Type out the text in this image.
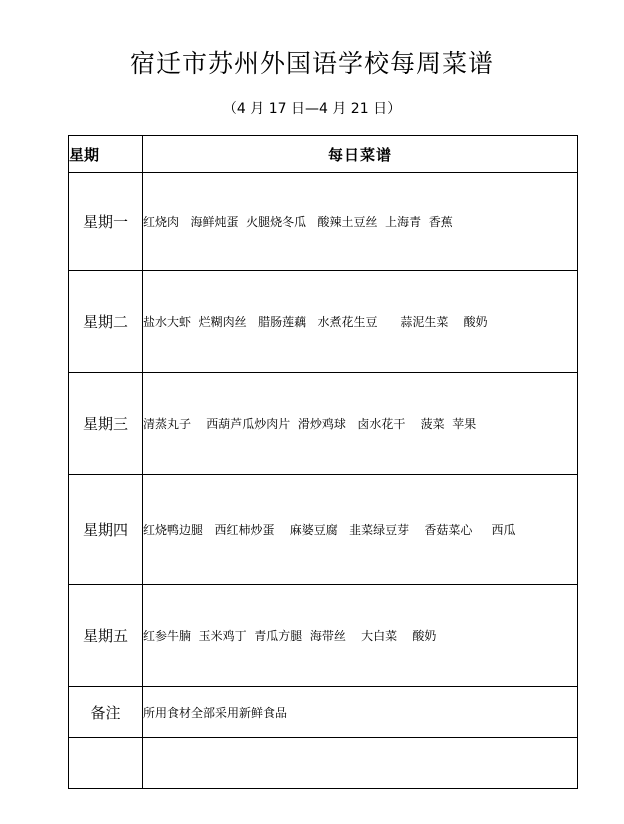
宿迁市苏州外国语学校每周菜谱

（4 月 17 日—4 月 21 日）

星期	每日菜谱
星期一	红烧肉   海鲜炖蛋  火腿烧冬瓜   酸辣土豆丝  上海青  香蕉
星期二	盐水大虾  烂糊肉丝   腊肠莲藕   水煮花生豆      蒜泥生菜    酸奶
星期三	清蒸丸子    西葫芦瓜炒肉片  滑炒鸡球   卤水花干    菠菜  苹果
星期四	红烧鸭边腿   西红柿炒蛋    麻婆豆腐   韭菜绿豆芽    香菇菜心     西瓜
星期五	红参牛腩  玉米鸡丁  青瓜方腿  海带丝    大白菜    酸奶
备注	所用食材全部采用新鲜食品
